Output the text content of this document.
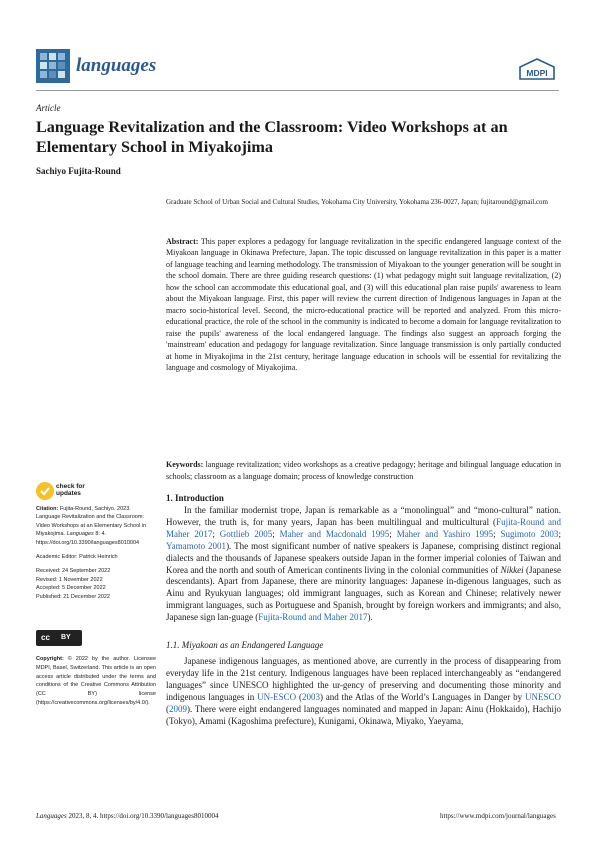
languages	MDPI
Article
Language Revitalization and the Classroom: Video Workshops at an Elementary School in Miyakojima
Sachiyo Fujita-Round
Graduate School of Urban Social and Cultural Studies, Yokohama City University, Yokohama 236-0027, Japan; fujitaround@gmail.com
Abstract: This paper explores a pedagogy for language revitalization in the specific endangered language context of the Miyakoan language in Okinawa Prefecture, Japan. The topic discussed on language revitalization in this paper is a matter of language teaching and learning methodology. The transmission of Miyakoan to the younger generation will be sought in the school domain. There are three guiding research questions: (1) what pedagogy might suit language revitalization, (2) how the school can accommodate this educational goal, and (3) will this educational plan raise pupils' awareness to learn about the Miyakoan language. First, this paper will review the current direction of Indigenous languages in Japan at the macro socio-historical level. Second, the micro-educational practice will be reported and analyzed. From this micro-educational practice, the role of the school in the community is indicated to become a domain for language revitalization to raise the pupils' awareness of the local endangered language. The findings also suggest an approach forging the 'mainstream' education and pedagogy for language revitalization. Since language transmission is only partially conducted at home in Miyakojima in the 21st century, heritage language education in schools will be essential for revitalizing the language and cosmology of Miyakojima.
Keywords: language revitalization; video workshops as a creative pedagogy; heritage and bilingual language education in schools; classroom as a language domain; process of knowledge construction
check for
updates
Citation: Fujita-Round, Sachiyo. 2023. Language Revitalization and the Classroom: Video Workshops at an Elementary School in Miyakojima. Languages 8: 4. https://doi.org/10.3390/languages8010004
Academic Editor: Patrick Heinrich
Received: 24 September 2022
Revised: 1 November 2022
Accepted: 5 December 2022
Published: 21 December 2022
cc BY
Copyright: © 2022 by the author. Licensee MDPI, Basel, Switzerland. This article is an open access article distributed under the terms and conditions of the Creative Commons Attribution (CC BY) license (https://creativecommons.org/licenses/by/4.0/).
1. Introduction
In the familiar modernist trope, Japan is remarkable as a “monolingual” and “mono-cultural” nation. However, the truth is, for many years, Japan has been multilingual and multicultural (Fujita-Round and Maher 2017; Gottlieb 2005; Maher and Macdonald 1995; Maher and Yashiro 1995; Sugimoto 2003; Yamamoto 2001). The most significant number of native speakers is Japanese, comprising distinct regional dialects and the thousands of Japanese speakers outside Japan in the former imperial colonies of Taiwan and Korea and the north and south of American continents living in the colonial communities of Nikkei (Japanese descendants). Apart from Japanese, there are minority languages: Japanese in-digenous languages, such as Ainu and Ryukyuan languages; old immigrant languages, such as Korean and Chinese; relatively newer immigrant languages, such as Portuguese and Spanish, brought by foreign workers and immigrants; and also, Japanese sign lan-guage (Fujita-Round and Maher 2017).
1.1. Miyakoan as an Endangered Language
Japanese indigenous languages, as mentioned above, are currently in the process of disappearing from everyday life in the 21st century. Indigenous languages have been replaced interchangeably as “endangered languages” since UNESCO highlighted the ur-gency of preserving and documenting those minority and indigenous languages in UN-ESCO (2003) and the Atlas of the World’s Languages in Danger by UNESCO (2009). There were eight endangered languages nominated and mapped in Japan: Ainu (Hokkaido), Hachijo (Tokyo), Amami (Kagoshima prefecture), Kunigami, Okinawa, Miyako, Yaeyama,
Languages 2023, 8, 4. https://doi.org/10.3390/languages8010004	https://www.mdpi.com/journal/languages
